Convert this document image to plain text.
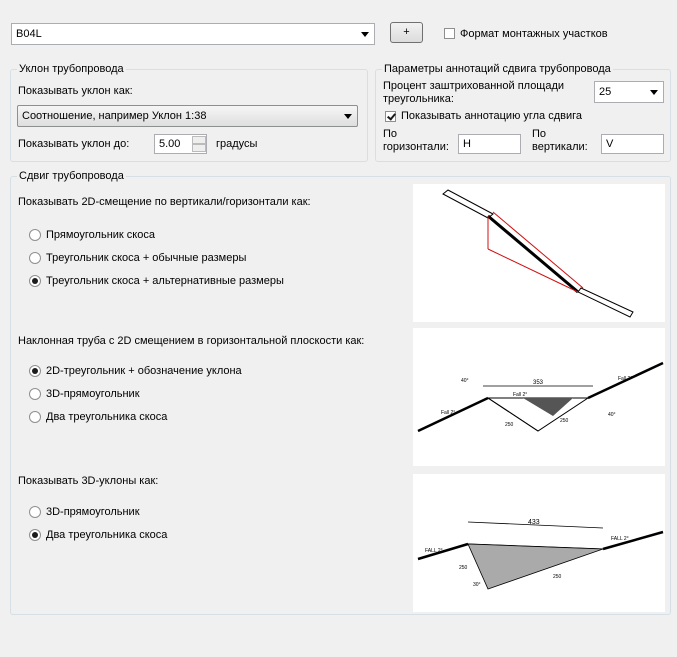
B04L	+	Формат монтажных участков
Уклон трубопровода
Показывать уклон как:
Соотношение, например Уклон 1:38
Показывать уклон до:	5.00	градусы
Параметры аннотаций сдвига трубопровода
Процент заштрихованной площади треугольника:
25
Показывать аннотацию угла сдвига
По горизонтали:	H
По вертикали:	V
Сдвиг трубопровода
Показывать 2D-смещение по вертикали/горизонтали как:
Прямоугольник скоса
Треугольник скоса + обычные размеры
Треугольник скоса + альтернативные размеры
Наклонная труба с 2D смещением в горизонтальной плоскости как:
2D-треугольник + обозначение уклона
3D-прямоугольник
Два треугольника скоса
353
40°
40°
Fall 2°
Fall 2°
Fall 2°
250
250
Показывать 3D-уклоны как:
3D-прямоугольник
Два треугольника скоса
433
250
30°
250
FALL 2°
FALL 2°
